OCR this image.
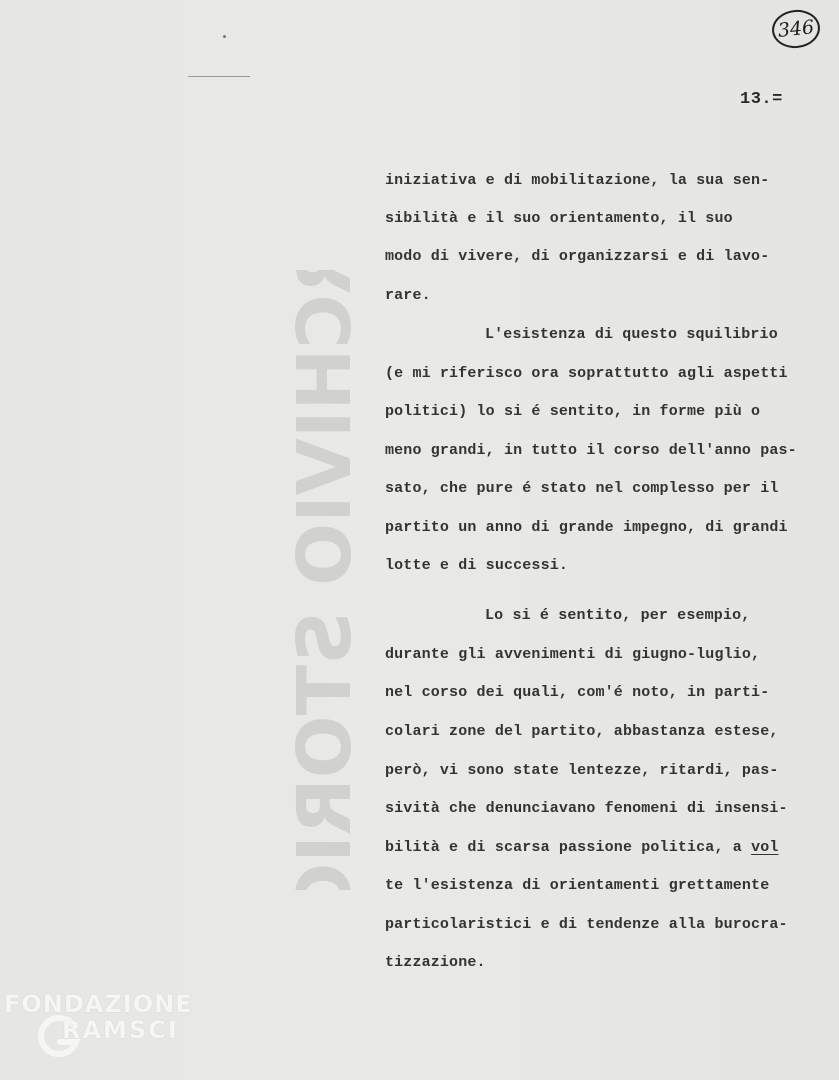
346
13.=
ARCHIVIO STORICO iniziativa e di mobilitazione, la sua sen-
sibilità e il suo orientamento, il suo
modo di vivere, di organizzarsi e di lavo-
rare.
L'esistenza di questo squilibrio
(e mi riferisco ora soprattutto agli aspetti
politici) lo si é sentito, in forme più o
meno grandi, in tutto il corso dell'anno pas-
sato, che pure é stato nel complesso per il
partito un anno di grande impegno, di grandi
lotte e di successi.
Lo si é sentito, per esempio,
durante gli avvenimenti di giugno-luglio,
nel corso dei quali, com'é noto, in parti-
colari zone del partito, abbastanza estese,
però, vi sono state lentezze, ritardi, pas-
sività che denunciavano fenomeni di insensi-
bilità e di scarsa passione politica, a vol
te l'esistenza di orientamenti grettamente
particolaristici e di tendenze alla burocra-
tizzazione.
FONDAZIONE
RAMSCI
